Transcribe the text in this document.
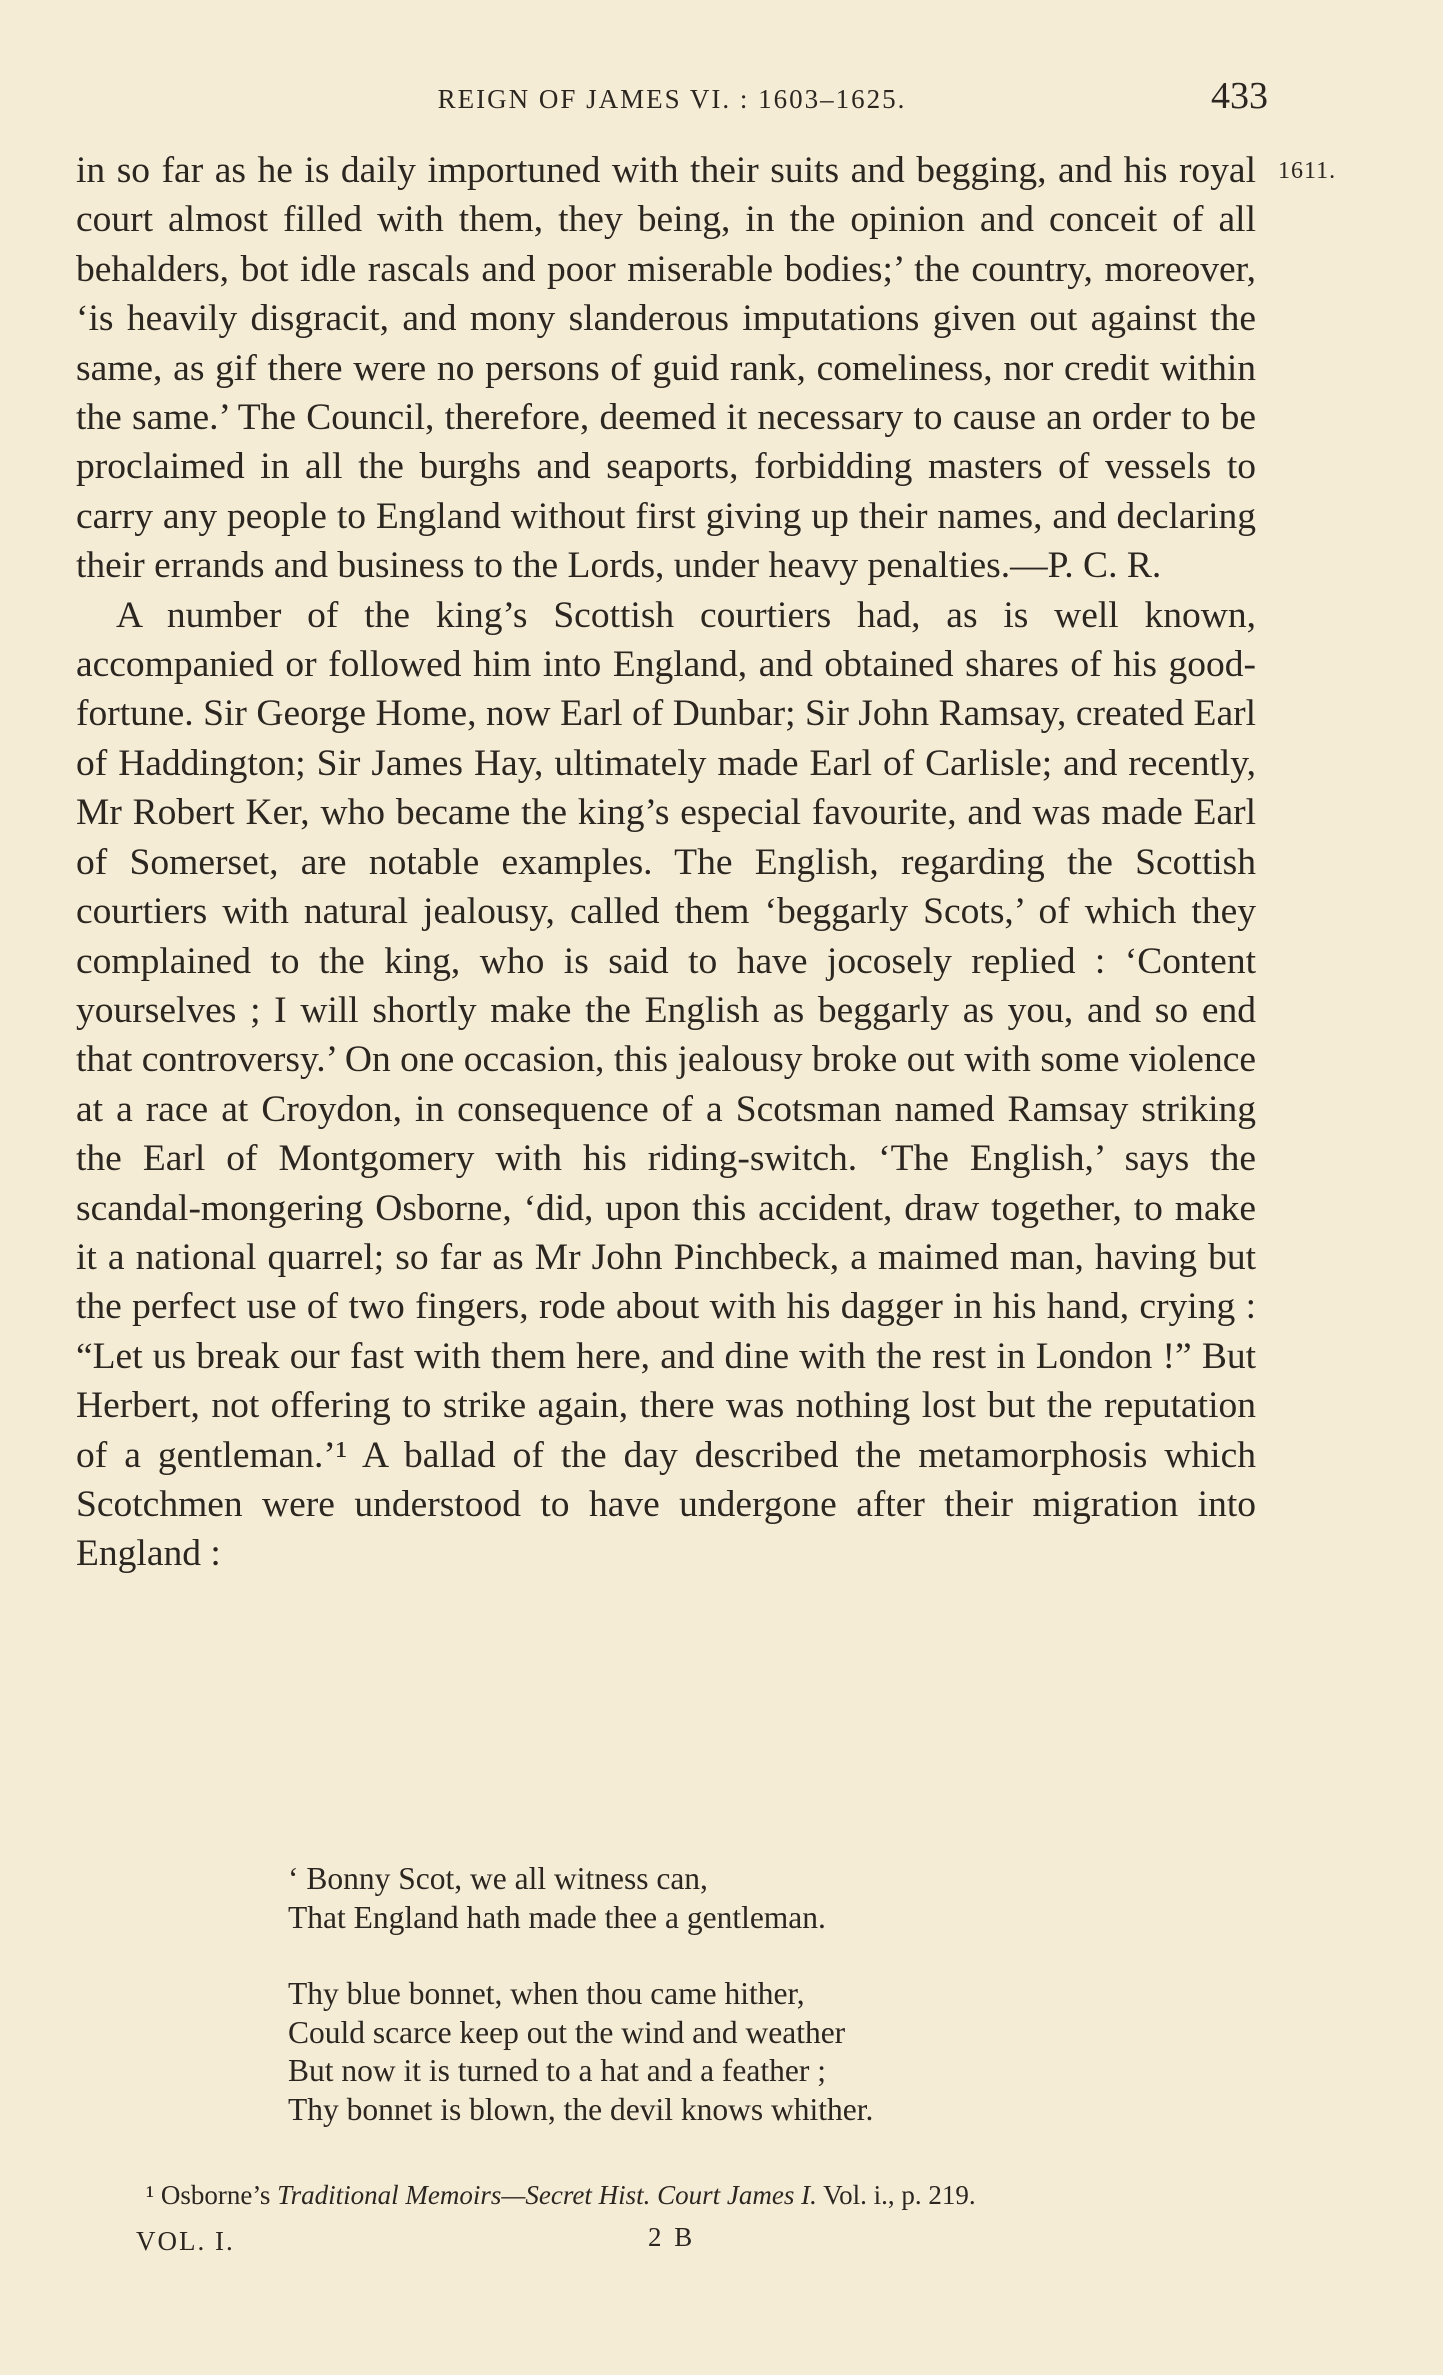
REIGN OF JAMES VI. : 1603–1625.	433
1611.

in so far as he is daily importuned with their suits and begging, and his royal court almost filled with them, they being, in the opinion and conceit of all behalders, bot idle rascals and poor miserable bodies;’ the country, moreover, ‘is heavily disgracit, and mony slanderous imputations given out against the same, as gif there were no persons of guid rank, comeliness, nor credit within the same.’ The Council, therefore, deemed it necessary to cause an order to be proclaimed in all the burghs and seaports, forbidding masters of vessels to carry any people to England without first giving up their names, and declaring their errands and business to the Lords, under heavy penalties.—P. C. R.

A number of the king’s Scottish courtiers had, as is well known, accompanied or followed him into England, and obtained shares of his good-fortune. Sir George Home, now Earl of Dunbar; Sir John Ramsay, created Earl of Haddington; Sir James Hay, ultimately made Earl of Carlisle; and recently, Mr Robert Ker, who became the king’s especial favourite, and was made Earl of Somerset, are notable examples. The English, regarding the Scottish courtiers with natural jealousy, called them ‘beggarly Scots,’ of which they complained to the king, who is said to have jocosely replied : ‘Content yourselves ; I will shortly make the English as beggarly as you, and so end that controversy.’ On one occasion, this jealousy broke out with some violence at a race at Croydon, in consequence of a Scotsman named Ramsay striking the Earl of Montgomery with his riding-switch. ‘The English,’ says the scandal-mongering Osborne, ‘did, upon this accident, draw together, to make it a national quarrel; so far as Mr John Pinchbeck, a maimed man, having but the perfect use of two fingers, rode about with his dagger in his hand, crying : “Let us break our fast with them here, and dine with the rest in London !” But Herbert, not offering to strike again, there was nothing lost but the reputation of a gentleman.’¹ A ballad of the day described the metamorphosis which Scotchmen were understood to have undergone after their migration into England :

‘ Bonny Scot, we all witness can,
That England hath made thee a gentleman.
Thy blue bonnet, when thou came hither,
Could scarce keep out the wind and weather
But now it is turned to a hat and a feather ;
Thy bonnet is blown, the devil knows whither.
¹ Osborne’s Traditional Memoirs—Secret Hist. Court James I. Vol. i., p. 219.
VOL. I.	2 B
